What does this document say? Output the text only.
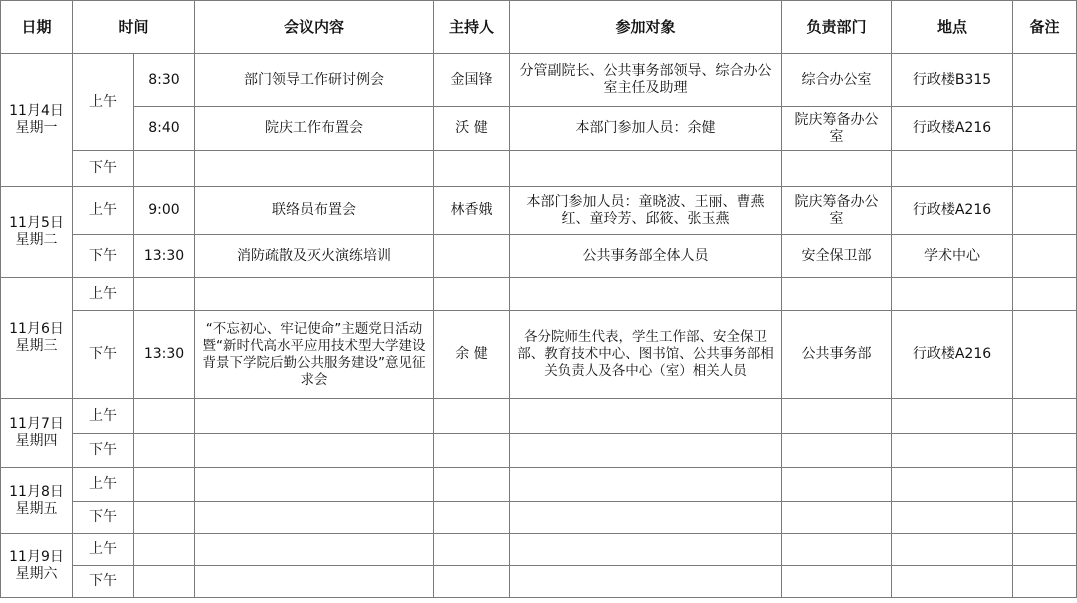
日期	时间		会议内容	主持人	参加对象	负责部门	地点	备注

11月4日
星期一	上午	8:30	部门领导工作研讨例会	金国锋	分管副院长、公共事务部领导、综合办公室主任及助理	综合办公室	行政楼B315	
		8:40	院庆工作布置会	沃 健	本部门参加人员：余健	院庆筹备办公室	行政楼A216	
	下午							

11月5日
星期二	上午	9:00	联络员布置会	林香娥	本部门参加人员：童晓波、王丽、曹燕红、童玲芳、邱筱、张玉燕	院庆筹备办公室	行政楼A216	
	下午	13:30	消防疏散及灭火演练培训		公共事务部全体人员	安全保卫部	学术中心	

11月6日
星期三	上午							
	下午	13:30	“不忘初心、牢记使命”主题党日活动暨“新时代高水平应用技术型大学建设背景下学院后勤公共服务建设”意见征求会	余 健	各分院师生代表，学生工作部、安全保卫部、教育技术中心、图书馆、公共事务部相关负责人及各中心（室）相关人员	公共事务部	行政楼A216	

11月7日
星期四	上午							
	下午							

11月8日
星期五	上午							
	下午							

11月9日
星期六	上午							
	下午							
